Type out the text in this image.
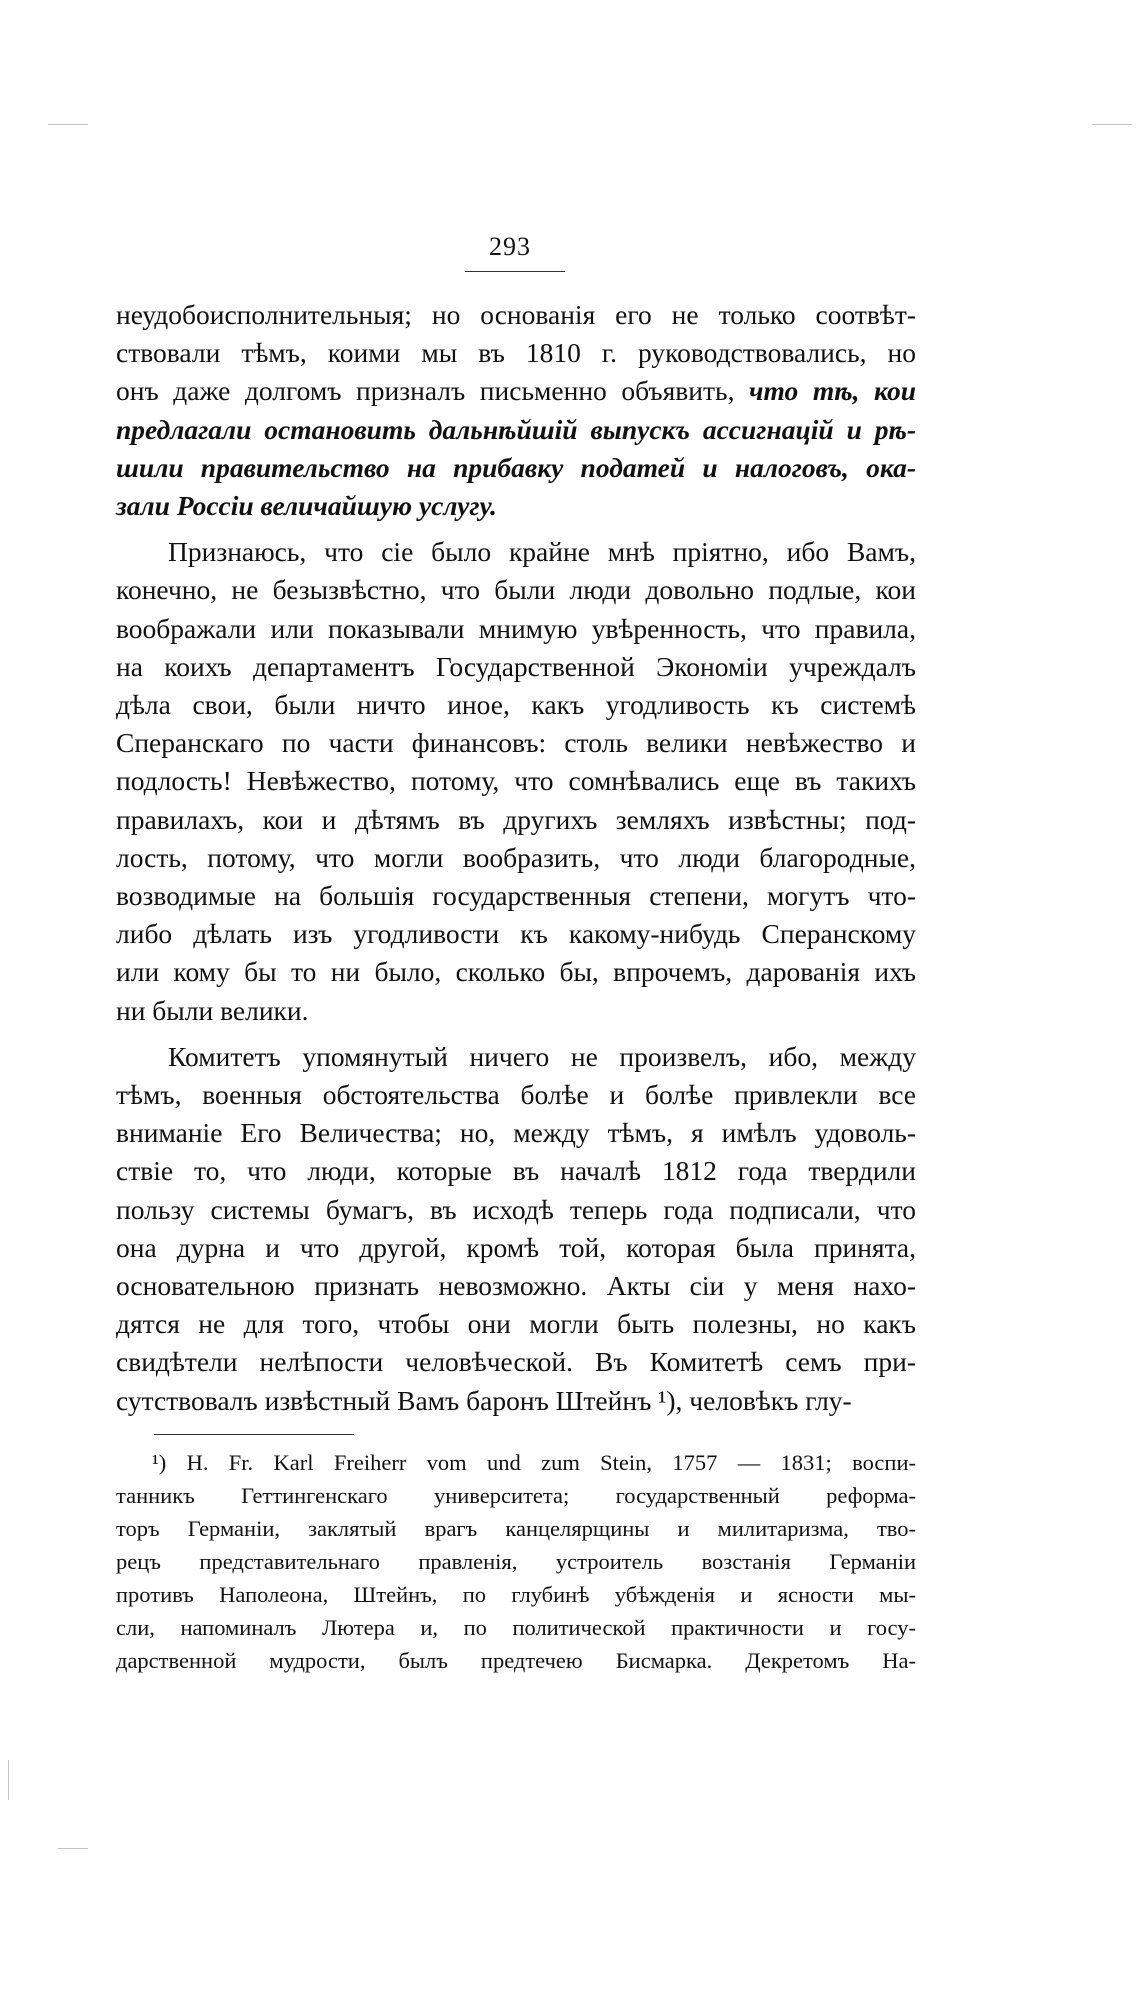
293
неудобоисполнительныя; но основанія его не только соотвѣт-
ствовали тѣмъ, коими мы въ 1810 г. руководствовались, но
онъ даже долгомъ призналъ письменно объявить, что тѣ, кои
предлагали остановить дальнѣйшій выпускъ ассигнацій и рѣ-
шили правительство на прибавку податей и налоговъ, ока-
зали Россіи величайшую услугу.
Признаюсь, что сіе было крайне мнѣ пріятно, ибо Вамъ,
конечно, не безызвѣстно, что были люди довольно подлые, кои
воображали или показывали мнимую увѣренность, что правила,
на коихъ департаментъ Государственной Экономіи учреждалъ
дѣла свои, были ничто иное, какъ угодливость къ системѣ
Сперанскаго по части финансовъ: столь велики невѣжество и
подлость! Невѣжество, потому, что сомнѣвались еще въ такихъ
правилахъ, кои и дѣтямъ въ другихъ земляхъ извѣстны; под-
лость, потому, что могли вообразить, что люди благородные,
возводимые на большія государственныя степени, могутъ что-
либо дѣлать изъ угодливости къ какому-нибудь Сперанскому
или кому бы то ни было, сколько бы, впрочемъ, дарованія ихъ
ни были велики.
Комитетъ упомянутый ничего не произвелъ, ибо, между
тѣмъ, военныя обстоятельства болѣе и болѣе привлекли все
вниманіе Его Величества; но, между тѣмъ, я имѣлъ удоволь-
ствіе то, что люди, которые въ началѣ 1812 года твердили
пользу системы бумагъ, въ исходѣ теперь года подписали, что
она дурна и что другой, кромѣ той, которая была принята,
основательною признать невозможно. Акты сіи у меня нахо-
дятся не для того, чтобы они могли быть полезны, но какъ
свидѣтели нелѣпости человѣческой. Въ Комитетѣ семъ при-
сутствовалъ извѣстный Вамъ баронъ Штейнъ ¹), человѣкъ глу-
¹) H. Fr. Karl Freiherr vom und zum Stein, 1757 — 1831; воспи-
танникъ Геттингенскаго университета; государственный реформа-
торъ Германіи, заклятый врагъ канцелярщины и милитаризма, тво-
рецъ представительнаго правленія, устроитель возстанія Германіи
противъ Наполеона, Штейнъ, по глубинѣ убѣжденія и ясности мы-
сли, напоминалъ Лютера и, по политической практичности и госу-
дарственной мудрости, былъ предтечею Бисмарка. Декретомъ На-
